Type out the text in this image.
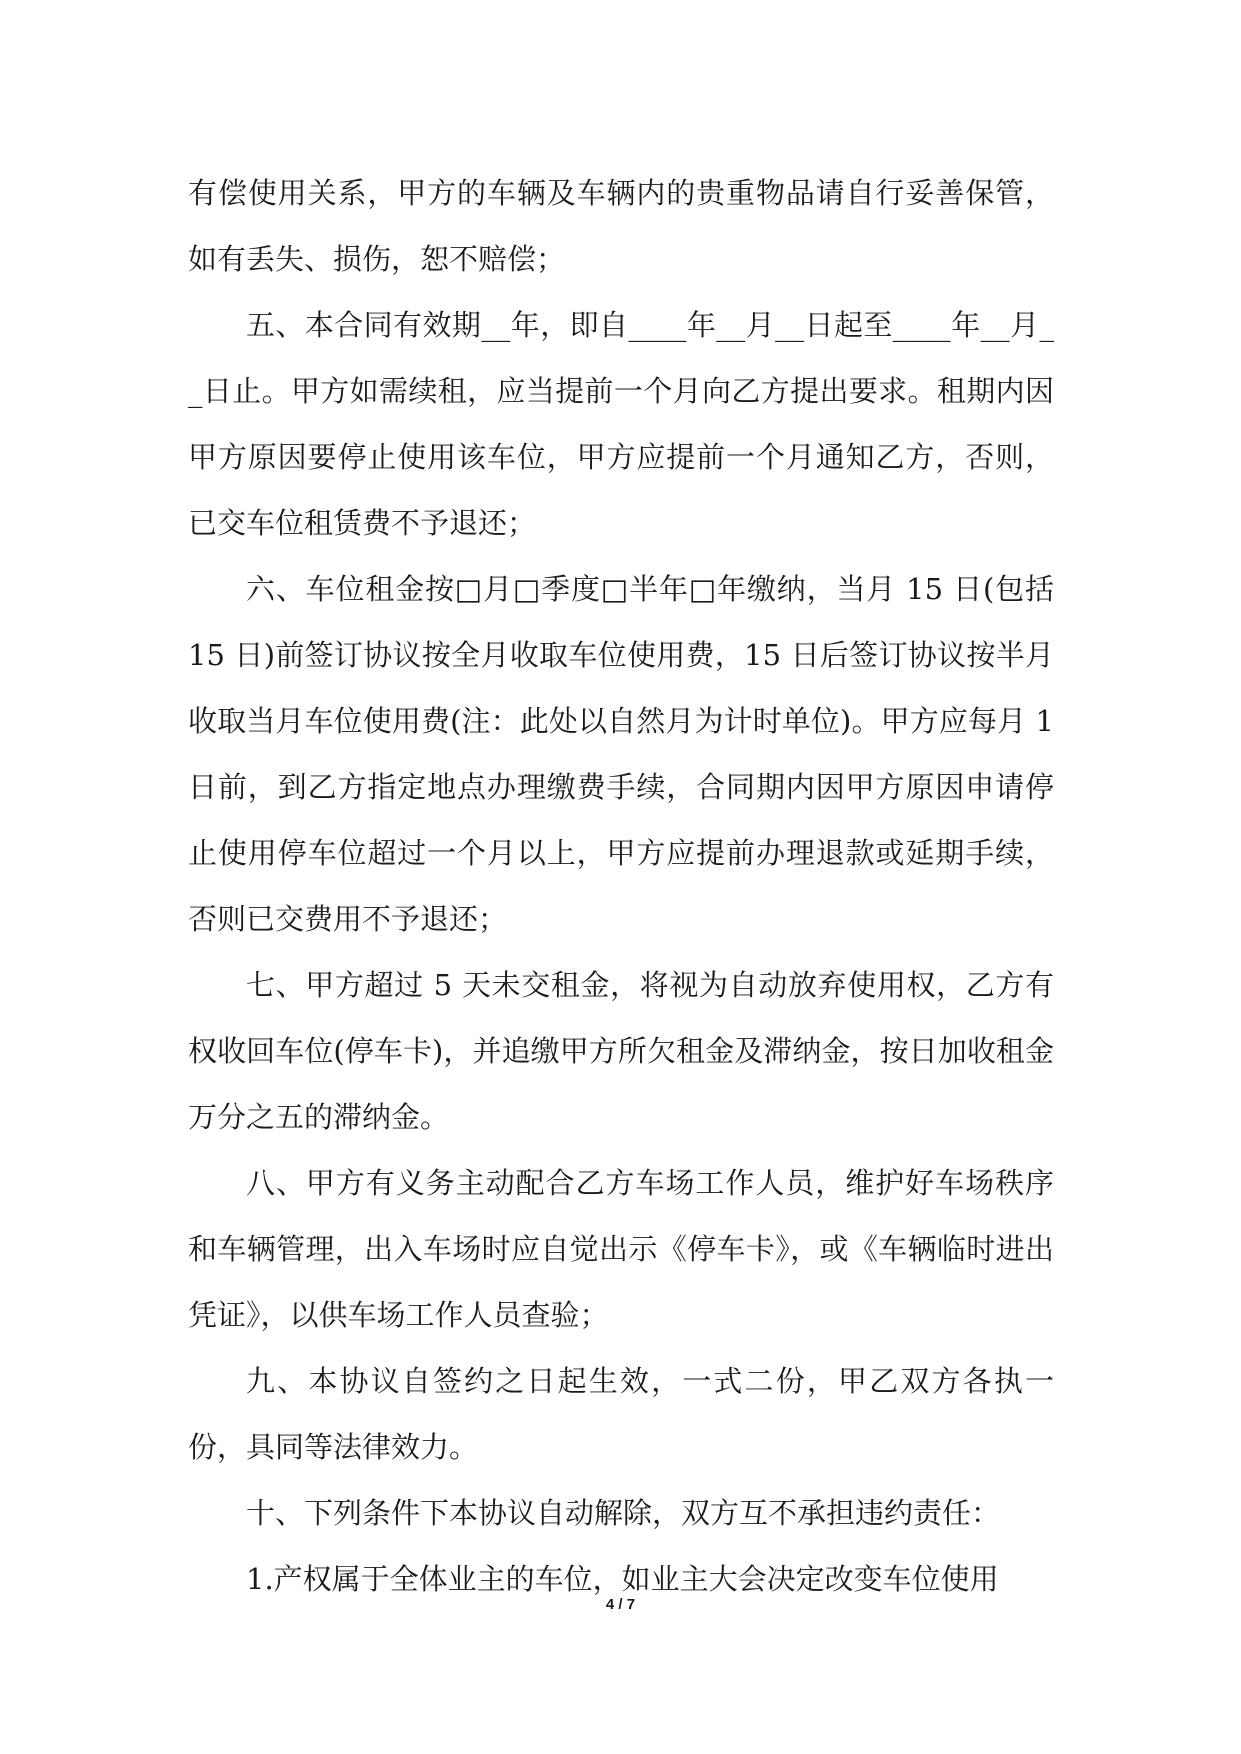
有偿使用关系，甲方的车辆及车辆内的贵重物品请自行妥善保管，如有丢失、损伤，恕不赔偿；

五、本合同有效期__年，即自____年__月__日起至____年__月__日止。甲方如需续租，应当提前一个月向乙方提出要求。租期内因甲方原因要停止使用该车位，甲方应提前一个月通知乙方，否则，已交车位租赁费不予退还；

六、车位租金按□月□季度□半年□年缴纳，当月 15 日(包括 15 日)前签订协议按全月收取车位使用费，15 日后签订协议按半月收取当月车位使用费(注：此处以自然月为计时单位)。甲方应每月 1 日前，到乙方指定地点办理缴费手续，合同期内因甲方原因申请停止使用停车位超过一个月以上，甲方应提前办理退款或延期手续，否则已交费用不予退还；

七、甲方超过 5 天未交租金，将视为自动放弃使用权，乙方有权收回车位(停车卡)，并追缴甲方所欠租金及滞纳金，按日加收租金万分之五的滞纳金。

八、甲方有义务主动配合乙方车场工作人员，维护好车场秩序和车辆管理，出入车场时应自觉出示《停车卡》，或《车辆临时进出凭证》，以供车场工作人员查验；

九、本协议自签约之日起生效，一式二份，甲乙双方各执一份，具同等法律效力。

十、下列条件下本协议自动解除，双方互不承担违约责任：

1.产权属于全体业主的车位，如业主大会决定改变车位使用

4 / 7
